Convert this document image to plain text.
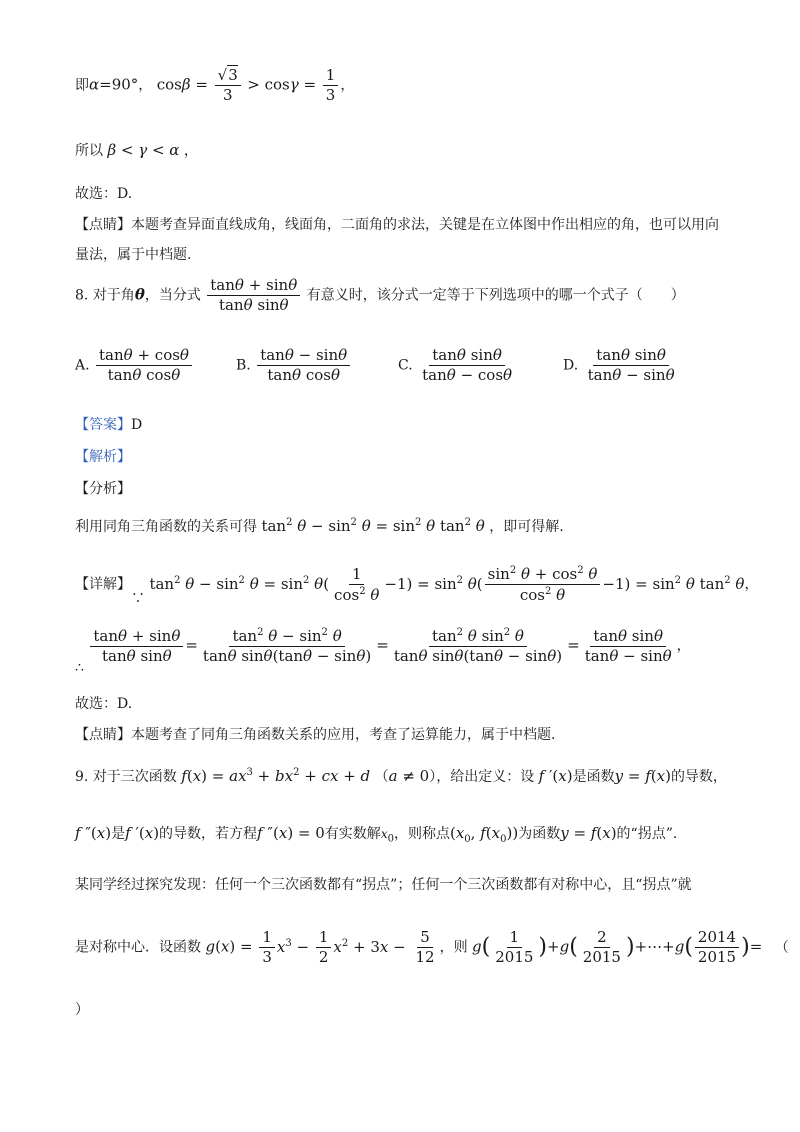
即α=90°， $\cos\beta = \frac{√3}{3} > \cos\gamma = \frac{1}{3}$ ，
所以 β < γ < α ，
故选：D.
【点睛】本题考查异面直线成角，线面角，二面角的求法，关键是在立体图中作出相应的角，也可以用向
量法，属于中档题.
8. 对于角θ，当分式 $\frac{\tan\theta + \sin\theta}{\text{tanθ sinθ}}$ 有意义时，该分式一定等于下列选项中的哪一个式子（　　）
A. $\frac{\tan\theta + \cos\theta}{\text{tanθ cosθ}}$	B. $\frac{\tan\theta - \sin\theta}{\text{tanθ cosθ}}$	C. $\frac{\text{tanθ sinθ}}{\tan\theta - \cos\theta}$	D. $\frac{\text{tanθ sinθ}}{\tan\theta - \sin\theta}$
【答案】D
【解析】
【分析】
利用同角三角函数的关系可得 $\tan^2 \theta - \sin^2 \theta = \sin^2 \theta$ $\tan^2 \theta$ ，即可得解.
【详解】∵ $\tan^2 \theta - \sin^2 \theta = \sin^2 \theta( \frac{1}{\cos^2 \theta} -1) = \sin^2 \theta( \frac{\sin^2 \theta + \cos^2 \theta}{\cos^2 \theta} -1) = \sin^2 \theta$ $\tan^2 \theta$，
∴
$\frac{\tan\theta + \sin\theta}{\text{tanθ sinθ}} = \frac{\tan^2 \theta - \sin^2 \theta}{\text{tanθ sinθ(tanθ − sinθ)}} = \frac{\tan^2 \theta \sin^2 \theta}{\text{tanθ sinθ(tanθ − sinθ)}} = \frac{\text{tanθ sinθ}}{\tan\theta - \sin\theta}$ ，
故选：D.
【点睛】本题考查了同角三角函数关系的应用，考查了运算能力，属于中档题.
9. 对于三次函数 $f(x) = ax^3 + bx^2$ + cx + d （a ≠ 0），给出定义：设 f ′(x)是函数y = f(x)的导数，
f ″(x)是f ′(x)的导数，若方程f ″(x) = 0有实数解$x_0$，则称点($x_0$, $f(x_0)$)为函数y = f(x)的“拐点”.
某同学经过探究发现：任何一个三次函数都有“拐点”；任何一个三次函数都有对称中心，且“拐点”就
是对称中心．设函数 $g(x) = \frac{1}{3} x^3 - \frac{1}{2} x^2 + 3x - \frac{5}{12}$ ，则 $g( \frac{1}{2015} )+g( \frac{2}{2015}$ )+⋯+g( $\frac{2014}{2015}$ )= （
）
